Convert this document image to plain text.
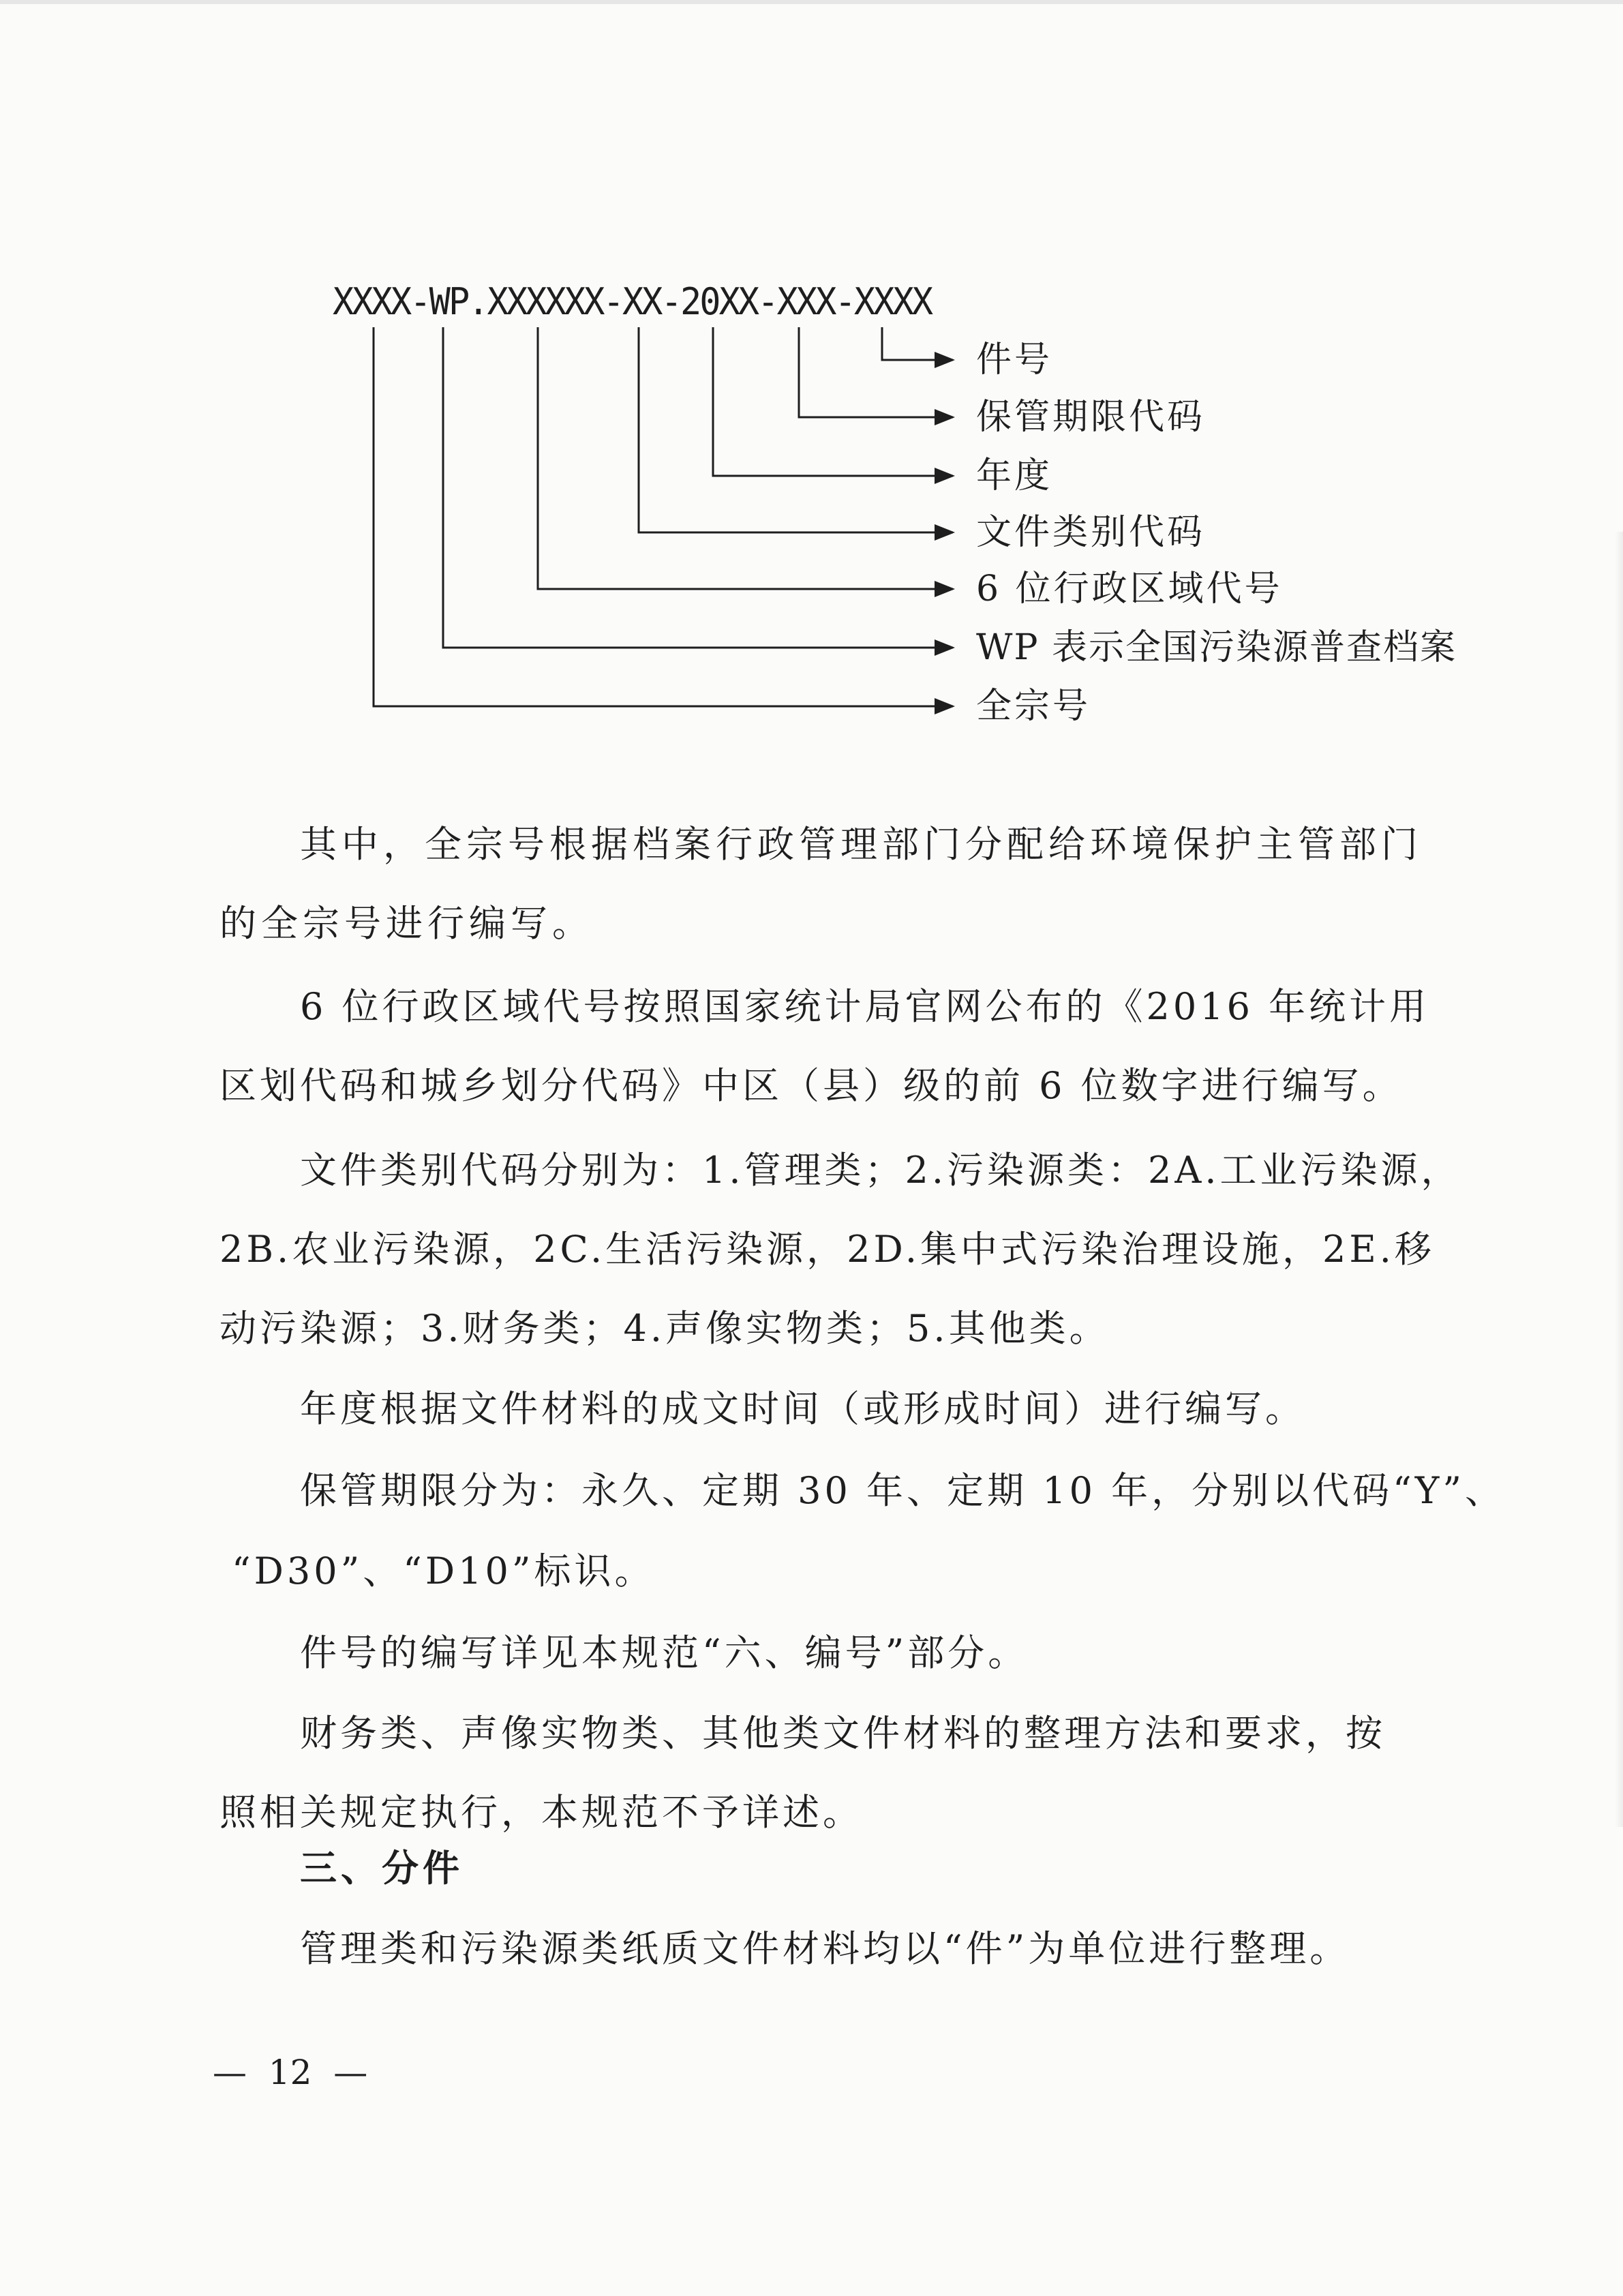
XXXX-WP.XXXXXX-XX-20XX-XXX-XXXX
件号
保管期限代码
年度
文件类别代码
6 位行政区域代号
WP 表示全国污染源普查档案
全宗号
其中，全宗号根据档案行政管理部门分配给环境保护主管部门
的全宗号进行编写。
6 位行政区域代号按照国家统计局官网公布的《2016 年统计用
区划代码和城乡划分代码》中区（县）级的前 6 位数字进行编写。
文件类别代码分别为：1.管理类；2.污染源类：2A.工业污染源，
2B.农业污染源，2C.生活污染源，2D.集中式污染治理设施，2E.移
动污染源；3.财务类；4.声像实物类；5.其他类。
年度根据文件材料的成文时间（或形成时间）进行编写。
保管期限分为：永久、定期 30 年、定期 10 年，分别以代码“Y”、
“D30”、“D10”标识。
件号的编写详见本规范“六、编号”部分。
财务类、声像实物类、其他类文件材料的整理方法和要求，按
照相关规定执行，本规范不予详述。
三、分件
管理类和污染源类纸质文件材料均以“件”为单位进行整理。
—  12  —
